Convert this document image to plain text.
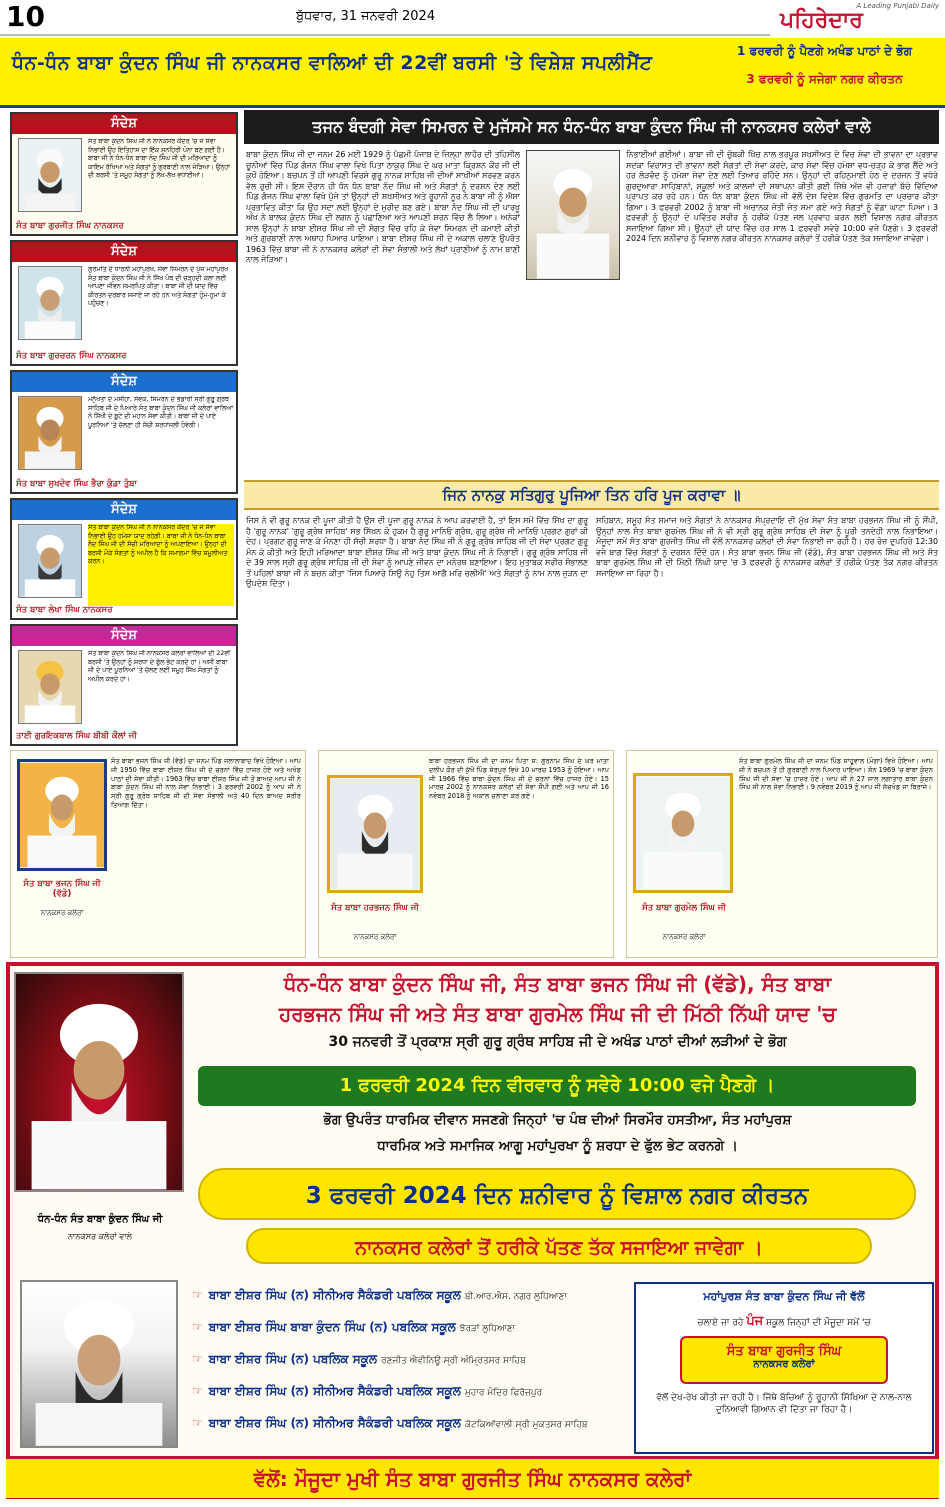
10	ਬੁੱਧਵਾਰ, 31 ਜਨਵਰੀ 2024
A Leading Punjabi Daily
ਪਹਿਰੇਦਾਰ
ਧੰਨ-ਧੰਨ ਬਾਬਾ ਕੁੰਦਨ ਸਿੰਘ ਜੀ ਨਾਨਕਸਰ ਵਾਲਿਆਂ ਦੀ 22ਵੀਂ ਬਰਸੀ 'ਤੇ ਵਿਸ਼ੇਸ਼ ਸਪਲੀਮੈਂਟ
1 ਫਰਵਰੀ ਨੂੰ ਪੈਣਗੇ ਅਖੰਡ ਪਾਠਾਂ ਦੇ ਭੋਗ
3 ਫਰਵਰੀ ਨੂੰ ਸਜੇਗਾ ਨਗਰ ਕੀਰਤਨ
ਸੰਦੇਸ਼
ਸੰਤ ਬਾਬਾ ਕੁੰਦਨ ਸਿੰਘ ਜੀ ਨੇ ਨਾਨਕਸਰ ਕੇਂਦਰ 'ਚ ਜੋ ਸੇਵਾ ਨਿਭਾਈ ਉਹ ਇਤਿਹਾਸ ਦਾ ਇੱਕ ਸੁਨਹਿਰੀ ਪੰਨਾ ਬਣ ਗਈ ਹੈ। ਬਾਬਾ ਜੀ ਨੇ ਧੰਨ-ਧੰਨ ਬਾਬਾ ਨੰਦ ਸਿੰਘ ਜੀ ਦੀ ਮਰਿਆਦਾ ਨੂੰ ਕਾਇਮ ਰੱਖਿਆ ਅਤੇ ਸੰਗਤਾਂ ਨੂੰ ਗੁਰਬਾਣੀ ਨਾਲ ਜੋੜਿਆ। ਉਨ੍ਹਾਂ ਦੀ ਬਰਸੀ 'ਤੇ ਸਮੂਹ ਸੰਗਤਾਂ ਨੂੰ ਲੱਖ-ਲੱਖ ਵਧਾਈਆਂ।
ਸੰਤ ਬਾਬਾ ਗੁਰਜੀਤ ਸਿੰਘ ਨਾਨਕਸਰ
ਸੰਦੇਸ਼
ਗੁਰਮਤਿ ਦੇ ਧਾਰਨੀ ਮਹਾਂਪੁਰਖ, ਸੇਵਾ ਸਿਮਰਨ ਦੇ ਪੁੰਜ ਮਹਾਂਪੁਰਖ ਸੰਤ ਬਾਬਾ ਕੁੰਦਨ ਸਿੰਘ ਜੀ ਨੇ ਸਿੱਖ ਪੰਥ ਦੀ ਚੜ੍ਹਦੀ ਕਲਾ ਲਈ ਆਪਣਾ ਜੀਵਨ ਸਮਰਪਿਤ ਕੀਤਾ। ਬਾਬਾ ਜੀ ਦੀ ਯਾਦ ਵਿੱਚ ਕੀਰਤਨ ਦਰਬਾਰ ਸਜਾਏ ਜਾ ਰਹੇ ਹਨ ਅਤੇ ਸੰਗਤਾਂ ਹੁੰਮ-ਹੁਮਾ ਕੇ ਪਹੁੰਚਣ।
ਸੰਤ ਬਾਬਾ ਗੁਰਚਰਨ ਸਿੰਘ ਨਾਨਕਸਰ
ਸੰਦੇਸ਼
ਮਨੁੱਖਤਾ ਦੇ ਮਸੀਹਾ, ਸੇਵਕ, ਸਿਮਰਨ ਦੇ ਭੰਡਾਰੀ ਸ੍ਰੀ ਗੁਰੂ ਗ੍ਰੰਥ ਸਾਹਿਬ ਜੀ ਦੇ ਪਿਆਰੇ ਸੰਤ ਬਾਬਾ ਕੁੰਦਨ ਸਿੰਘ ਜੀ ਕਲੇਰਾਂ ਵਾਲਿਆਂ ਨੇ ਸਿੱਖੀ ਦੇ ਬੂਟੇ ਦੀ ਮਹਾਨ ਸੇਵਾ ਕੀਤੀ। ਬਾਬਾ ਜੀ ਦੇ ਪਾਏ ਪੂਰਨਿਆਂ 'ਤੇ ਚੱਲਣਾ ਹੀ ਸੱਚੀ ਸ਼ਰਧਾਂਜਲੀ ਹੋਵੇਗੀ।
ਸੰਤ ਬਾਬਾ ਸੁਖਦੇਵ ਸਿੰਘ ਭੈਰਾ ਕੁੰਡਾ ਤੁੰਬਾ
ਸੰਦੇਸ਼
ਸੰਤ ਬਾਬਾ ਕੁੰਦਨ ਸਿੰਘ ਜੀ ਨੇ ਨਾਨਕਸਰ ਕੇਂਦਰ 'ਚ ਜੋ ਸੇਵਾ ਨਿਭਾਈ ਉਹ ਹਮੇਸ਼ਾ ਯਾਦ ਰਹੇਗੀ। ਬਾਬਾ ਜੀ ਨੇ ਧੰਨ-ਧੰਨ ਬਾਬਾ ਨੰਦ ਸਿੰਘ ਜੀ ਦੀ ਸੱਚੀ ਮਰਿਆਦਾ ਨੂੰ ਅਪਣਾਇਆ। ਉਨ੍ਹਾਂ ਦੀ ਬਰਸੀ ਮੌਕੇ ਸੰਗਤਾਂ ਨੂੰ ਅਪੀਲ ਹੈ ਕਿ ਸਮਾਗਮਾਂ ਵਿੱਚ ਸ਼ਮੂਲੀਅਤ ਕਰਨ।
ਸੰਤ ਬਾਬਾ ਲੇਖਾ ਸਿੰਘ ਨਾਨਕਸਰ
ਸੰਦੇਸ਼
ਸੰਤ ਬਾਬਾ ਕੁੰਦਨ ਸਿੰਘ ਜੀ ਨਾਨਕਸਰ ਕਲੇਰਾਂ ਵਾਲਿਆਂ ਦੀ 22ਵੀਂ ਬਰਸੀ 'ਤੇ ਉਨ੍ਹਾਂ ਨੂੰ ਸ਼ਰਧਾ ਦੇ ਫੁੱਲ ਭੇਟ ਕਰਦੇ ਹਾਂ। ਅਸੀਂ ਬਾਬਾ ਜੀ ਦੇ ਪਾਏ ਪੂਰਨਿਆਂ 'ਤੇ ਚੱਲਣ ਲਈ ਸਮੂਹ ਸਿੱਖ ਸੰਗਤਾਂ ਨੂੰ ਅਪੀਲ ਕਰਦੇ ਹਾਂ।
ਤਾਈ ਗੁਰਇਕਬਾਲ ਸਿੰਘ ਬੀਬੀ ਕੌਲਾਂ ਜੀ
ਤਜਨ ਬੰਦਗੀ ਸੇਵਾ ਸਿਮਰਨ ਦੇ ਮੁਜੱਸਮੇ ਸਨ ਧੰਨ-ਧੰਨ ਬਾਬਾ ਕੁੰਦਨ ਸਿੰਘ ਜੀ ਨਾਨਕਸਰ ਕਲੇਰਾਂ ਵਾਲੇ
ਬਾਬਾ ਕੁੰਦਨ ਸਿੰਘ ਜੀ ਦਾ ਜਨਮ 26 ਮਈ 1929 ਨੂੰ ਪੱਛਮੀ ਪੰਜਾਬ ਦੇ ਜ਼ਿਲ੍ਹਾ ਲਾਹੌਰ ਦੀ ਤਹਿਸੀਲ ਚੂਨੀਆਂ ਵਿੱਚ ਪਿੰਡ ਗੰਜਨ ਸਿੰਘ ਵਾਲਾ ਵਿਖੇ ਪਿਤਾ ਠਾਕੁਰ ਸਿੰਘ ਦੇ ਘਰ ਮਾਤਾ ਕ੍ਰਿਸ਼ਨ ਕੌਰ ਜੀ ਦੀ ਕੁਖੋਂ ਹੋਇਆ। ਬਚਪਨ ਤੋਂ ਹੀ ਆਪਣੀ ਵਿਰਸੇ ਗੁਰੂ ਨਾਨਕ ਸਾਹਿਬ ਜੀ ਦੀਆਂ ਸਾਖੀਆਂ ਸਰਵਣ ਕਰਨ ਵੱਲ ਰੁਚੀ ਸੀ। ਇਸ ਦੌਰਾਨ ਹੀ ਧੰਨ ਧੰਨ ਬਾਬਾ ਨੰਦ ਸਿੰਘ ਜੀ ਅਤੇ ਸੰਗਤਾਂ ਨੂੰ ਦਰਸ਼ਨ ਦੇਣ ਲਈ ਪਿੰਡ ਗੰਜਨ ਸਿੰਘ ਵਾਲਾ ਵਿਖੇ ਪੁੱਜੇ ਤਾਂ ਉਨ੍ਹਾਂ ਦੀ ਸ਼ਖ਼ਸੀਅਤ ਅਤੇ ਰੂਹਾਨੀ ਨੂਰ ਨੇ ਬਾਬਾ ਜੀ ਨੂੰ ਐਸਾ ਪ੍ਰਭਾਵਿਤ ਕੀਤਾ ਕਿ ਉਹ ਸਦਾ ਲਈ ਉਨ੍ਹਾਂ ਦੇ ਮੁਰੀਦ ਬਣ ਗਏ। ਬਾਬਾ ਨੰਦ ਸਿੰਘ ਜੀ ਦੀ ਪਾਰਖੂ ਅੱਖ ਨੇ ਬਾਲਕ ਕੁੰਦਨ ਸਿੰਘ ਦੀ ਲਗਨ ਨੂੰ ਪਛਾਣਿਆ ਅਤੇ ਆਪਣੀ ਸ਼ਰਨ ਵਿੱਚ ਲੈ ਲਿਆ। ਅਨੇਕਾਂ ਸਾਲ ਉਨ੍ਹਾਂ ਨੇ ਬਾਬਾ ਈਸ਼ਰ ਸਿੰਘ ਜੀ ਦੀ ਸੰਗਤ ਵਿੱਚ ਰਹਿ ਕੇ ਸੇਵਾ ਸਿਮਰਨ ਦੀ ਕਮਾਈ ਕੀਤੀ ਅਤੇ ਗੁਰਬਾਣੀ ਨਾਲ ਅਥਾਹ ਪਿਆਰ ਪਾਇਆ। ਬਾਬਾ ਈਸ਼ਰ ਸਿੰਘ ਜੀ ਦੇ ਅਕਾਲ ਚਲਾਣੇ ਉਪਰੰਤ 1963 ਵਿੱਚ ਬਾਬਾ ਜੀ ਨੇ ਨਾਨਕਸਰ ਕਲੇਰਾਂ ਦੀ ਸੇਵਾ ਸੰਭਾਲੀ ਅਤੇ ਲੱਖਾਂ ਪ੍ਰਾਣੀਆਂ ਨੂੰ ਨਾਮ ਬਾਣੀ ਨਾਲ ਜੋੜਿਆ।
ਨਿਭਾਈਆਂ ਗਈਆਂ। ਬਾਬਾ ਜੀ ਦੀ ਚੁੰਬਕੀ ਖਿੱਚ ਨਾਲ ਭਰਪੂਰ ਸ਼ਖ਼ਸੀਅਤ ਦੇ ਵਿਚ ਸੇਵਾ ਦੀ ਭਾਵਨਾ ਦਾ ਪ੍ਰਭਾਵ ਸਦਕਾ ਵਿਰਾਸਤ ਦੀ ਭਾਵਨਾ ਲਈ ਸੰਗਤਾਂ ਦੀ ਸੇਵਾ ਕਰਦੇ, ਕਾਰ ਸੇਵਾ ਵਿੱਚ ਹਮੇਸ਼ਾ ਵਧ-ਚੜ੍ਹ ਕੇ ਭਾਗ ਲੈਂਦੇ ਅਤੇ ਹਰ ਲੋੜਵੰਦ ਨੂੰ ਹਮੇਸ਼ਾ ਸੇਵਾ ਦੇਣ ਲਈ ਤਿਆਰ ਰਹਿੰਦੇ ਸਨ। ਉਨ੍ਹਾਂ ਦੀ ਰਹਿਨੁਮਾਈ ਹੇਠ ਦੇ ਦਰਜਨ ਤੋਂ ਵਧੇਰੇ ਗੁਰਦੁਆਰਾ ਸਾਹਿਬਾਨਾਂ, ਸਕੂਲਾਂ ਅਤੇ ਕਾਲਜਾਂ ਦੀ ਸਥਾਪਨਾ ਕੀਤੀ ਗਈ ਜਿੱਥੇ ਅੱਜ ਵੀ ਹਜ਼ਾਰਾਂ ਬੱਚੇ ਵਿੱਦਿਆ ਪ੍ਰਾਪਤ ਕਰ ਰਹੇ ਹਨ। ਧੰਨ ਧੰਨ ਬਾਬਾ ਕੁੰਦਨ ਸਿੰਘ ਜੀ ਵੱਲੋਂ ਦੇਸ਼ ਵਿਦੇਸ਼ ਵਿੱਚ ਗੁਰਮਤਿ ਦਾ ਪ੍ਰਚਾਰ ਕੀਤਾ ਗਿਆ। 3 ਫਰਵਰੀ 2002 ਨੂੰ ਬਾਬਾ ਜੀ ਅਚਾਨਕ ਜੋਤੀ ਜੋਤ ਸਮਾ ਗਏ ਅਤੇ ਸੰਗਤਾਂ ਨੂੰ ਵੱਡਾ ਘਾਟਾ ਪਿਆ। 3 ਫਰਵਰੀ ਨੂੰ ਉਨ੍ਹਾਂ ਦੇ ਪਵਿੱਤਰ ਸਰੀਰ ਨੂੰ ਹਰੀਕੇ ਪੱਤਣ ਜਲ ਪ੍ਰਵਾਹ ਕਰਨ ਲਈ ਵਿਸ਼ਾਲ ਨਗਰ ਕੀਰਤਨ ਸਜਾਇਆ ਗਿਆ ਸੀ। ਉਨ੍ਹਾਂ ਦੀ ਯਾਦ ਵਿੱਚ ਹਰ ਸਾਲ 1 ਫਰਵਰੀ ਸਵੇਰੇ 10:00 ਵਜੇ ਪੈਣਗੇ। 3 ਫਰਵਰੀ 2024 ਦਿਨ ਸ਼ਨੀਵਾਰ ਨੂੰ ਵਿਸ਼ਾਲ ਨਗਰ ਕੀਰਤਨ ਨਾਨਕਸਰ ਕਲੇਰਾਂ ਤੋਂ ਹਰੀਕੇ ਪੱਤਣ ਤੱਕ ਸਜਾਇਆ ਜਾਵੇਗਾ।
ਜਿਨ ਨਾਨਕੁ ਸਤਿਗੁਰੁ ਪੂਜਿਆ ਤਿਨ ਹਰਿ ਪੂਜ ਕਰਾਵਾ ॥
ਜਿਸ ਨੇ ਵੀ ਗੁਰੂ ਨਾਨਕ ਦੀ ਪੂਜਾ ਕੀਤੀ ਹੈ ਉਸ ਦੀ ਪੂਜਾ ਗੁਰੂ ਨਾਨਕ ਨੇ ਆਪ ਕਰਵਾਈ ਹੈ, ਤਾਂ ਇਸ ਸਮੇਂ ਵਿੱਚ ਸਿੱਖ ਦਾ ਗੁਰੂ ਹੈ 'ਗੁਰੂ ਨਾਨਕ' 'ਗੁਰੂ ਗ੍ਰੰਥ ਸਾਹਿਬ' ਸਭ ਸਿੱਖਨ ਕੋ ਹੁਕਮ ਹੈ ਗੁਰੂ ਮਾਨਿਓ ਗ੍ਰੰਥ, ਗੁਰੂ ਗ੍ਰੰਥ ਜੀ ਮਾਨਿਓ ਪ੍ਰਗਟ ਗੁਰਾਂ ਕੀ ਦੇਹ। ਪ੍ਰਗਟ ਗੁਰੂ ਜਾਣ ਕੇ ਮੰਨਣਾ ਹੀ ਸੱਚੀ ਸ਼ਰਧਾ ਹੈ। ਬਾਬਾ ਨੰਦ ਸਿੰਘ ਜੀ ਨੇ ਗੁਰੂ ਗ੍ਰੰਥ ਸਾਹਿਬ ਜੀ ਦੀ ਸੇਵਾ ਪ੍ਰਗਟ ਗੁਰੂ ਮੰਨ ਕੇ ਕੀਤੀ ਅਤੇ ਇਹੀ ਮਰਿਆਦਾ ਬਾਬਾ ਈਸ਼ਰ ਸਿੰਘ ਜੀ ਅਤੇ ਬਾਬਾ ਕੁੰਦਨ ਸਿੰਘ ਜੀ ਨੇ ਨਿਭਾਈ। ਗੁਰੂ ਗ੍ਰੰਥ ਸਾਹਿਬ ਜੀ ਦੇ 39 ਸਾਲ ਸ੍ਰੀ ਗੁਰੂ ਗ੍ਰੰਥ ਸਾਹਿਬ ਜੀ ਦੀ ਸੇਵਾ ਨੂੰ ਆਪਣੇ ਜੀਵਨ ਦਾ ਮਨੋਰਥ ਬਣਾਇਆ। ਇਹ ਮੁਤਾਬਕ ਸਰੀਰ ਸੰਭਾਲਣ ਤੋਂ ਪਹਿਲਾਂ ਬਾਬਾ ਜੀ ਨੇ ਬਚਨ ਕੀਤਾ 'ਜਿਸ ਪਿਆਰੇ ਸਿਉ ਨੇਹੁ ਤਿਸ ਆਗੈ ਮਰਿ ਚਲੀਐ' ਅਤੇ ਸੰਗਤਾਂ ਨੂੰ ਨਾਮ ਨਾਲ ਜੁੜਨ ਦਾ ਉਪਦੇਸ਼ ਦਿੱਤਾ।
ਸਹਿਬਾਨ, ਸਮੂਹ ਸੰਤ ਸਮਾਜ ਅਤੇ ਸੰਗਤਾਂ ਨੇ ਨਾਨਕਸਰ ਸੰਪ੍ਰਦਾਇ ਦੀ ਮੁੱਖ ਸੇਵਾ ਸੰਤ ਬਾਬਾ ਹਰਭਜਨ ਸਿੰਘ ਜੀ ਨੂੰ ਸੌਂਪੀ, ਉਨ੍ਹਾਂ ਨਾਲ ਸੰਤ ਬਾਬਾ ਗੁਰਮੇਲ ਸਿੰਘ ਜੀ ਨੇ ਵੀ ਸ੍ਰੀ ਗੁਰੂ ਗ੍ਰੰਥ ਸਾਹਿਬ ਦੀ ਸੇਵਾ ਨੂੰ ਪੂਰੀ ਤਨਦੇਹੀ ਨਾਲ ਨਿਭਾਇਆ। ਮੌਜੂਦਾ ਸਮੇਂ ਸੰਤ ਬਾਬਾ ਗੁਰਜੀਤ ਸਿੰਘ ਜੀ ਵੱਲੋਂ ਨਾਨਕਸਰ ਕਲੇਰਾਂ ਦੀ ਸੇਵਾ ਨਿਭਾਈ ਜਾ ਰਹੀ ਹੈ। ਹਰ ਰੋਜ਼ ਦੁਪਹਿਰੇ 12:30 ਵਜੇ ਬਾਗ ਵਿੱਚ ਸੰਗਤਾਂ ਨੂੰ ਦਰਸ਼ਨ ਦਿੰਦੇ ਹਨ। ਸੰਤ ਬਾਬਾ ਭਜਨ ਸਿੰਘ ਜੀ (ਵੱਡੇ), ਸੰਤ ਬਾਬਾ ਹਰਭਜਨ ਸਿੰਘ ਜੀ ਅਤੇ ਸੰਤ ਬਾਬਾ ਗੁਰਮੇਲ ਸਿੰਘ ਜੀ ਦੀ ਮਿੱਠੀ ਨਿੱਘੀ ਯਾਦ 'ਚ 3 ਫਰਵਰੀ ਨੂੰ ਨਾਨਕਸਰ ਕਲੇਰਾਂ ਤੋਂ ਹਰੀਕੇ ਪੱਤਣ ਤੱਕ ਨਗਰ ਕੀਰਤਨ ਸਜਾਇਆ ਜਾ ਰਿਹਾ ਹੈ।
ਸੰਤ ਬਾਬਾ ਭਜਨ ਸਿੰਘ ਜੀ (ਵੱਡੇ) ਦਾ ਜਨਮ ਪਿੰਡ ਜਲਾਲਾਬਾਦ ਵਿਖੇ ਹੋਇਆ। ਆਪ ਜੀ 1950 ਵਿੱਚ ਬਾਬਾ ਈਸ਼ਰ ਸਿੰਘ ਜੀ ਦੇ ਚਰਨਾਂ ਵਿੱਚ ਹਾਜ਼ਰ ਹੋਏ ਅਤੇ ਅਖੰਡ ਪਾਠਾਂ ਦੀ ਸੇਵਾ ਕੀਤੀ। 1963 ਵਿੱਚ ਬਾਬਾ ਈਸ਼ਰ ਸਿੰਘ ਜੀ ਤੋਂ ਬਾਅਦ ਆਪ ਜੀ ਨੇ ਬਾਬਾ ਕੁੰਦਨ ਸਿੰਘ ਜੀ ਨਾਲ ਸੇਵਾ ਨਿਭਾਈ। 3 ਫਰਵਰੀ 2002 ਨੂੰ ਆਪ ਜੀ ਨੇ ਸ੍ਰੀ ਗੁਰੂ ਗ੍ਰੰਥ ਸਾਹਿਬ ਜੀ ਦੀ ਸੇਵਾ ਸੰਭਾਲੀ ਅਤੇ 40 ਦਿਨ ਬਾਅਦ ਸਰੀਰ ਤਿਆਗ ਦਿੱਤਾ।
ਸੰਤ ਬਾਬਾ ਭਜਨ ਸਿੰਘ ਜੀ (ਵੱਡੇ)
ਨਾਨਕਸਰ ਕਲੇਰਾਂ
ਬਾਬਾ ਹਰਭਜਨ ਸਿੰਘ ਜੀ ਦਾ ਜਨਮ ਪਿਤਾ ਸ: ਗੁਰਨਾਮ ਸਿੰਘ ਦੇ ਘਰ ਮਾਤਾ ਦਲੀਪ ਕੌਰ ਦੀ ਕੁੱਖੋਂ ਪਿੰਡ ਸ਼ੇਰਪੁਰ ਵਿਖੇ 10 ਮਾਰਚ 1953 ਨੂੰ ਹੋਇਆ। ਆਪ ਜੀ 1966 ਵਿੱਚ ਬਾਬਾ ਕੁੰਦਨ ਸਿੰਘ ਜੀ ਦੇ ਚਰਨਾਂ ਵਿੱਚ ਹਾਜ਼ਰ ਹੋਏ। 15 ਮਾਰਚ 2002 ਨੂੰ ਨਾਨਕਸਰ ਕਲੇਰਾਂ ਦੀ ਸੇਵਾ ਸੌਂਪੀ ਗਈ ਅਤੇ ਆਪ ਜੀ 16 ਨਵੰਬਰ 2018 ਨੂੰ ਅਕਾਲ ਚਲਾਣਾ ਕਰ ਗਏ।
ਸੰਤ ਬਾਬਾ ਹਰਭਜਨ ਸਿੰਘ ਜੀ
ਨਾਨਕਸਰ ਕਲੇਰਾਂ
ਸੰਤ ਬਾਬਾ ਗੁਰਮੇਲ ਸਿੰਘ ਜੀ ਦਾ ਜਨਮ ਪਿੰਡ ਸਾਹੂਵਾਲ (ਮੋਗਾ) ਵਿਖੇ ਹੋਇਆ। ਆਪ ਜੀ ਨੇ ਬਚਪਨ ਤੋਂ ਹੀ ਗੁਰਬਾਣੀ ਨਾਲ ਪਿਆਰ ਪਾਇਆ। ਸੰਨ 1969 'ਚ ਬਾਬਾ ਕੁੰਦਨ ਸਿੰਘ ਜੀ ਦੀ ਸੇਵਾ 'ਚ ਹਾਜ਼ਰ ਹੋਏ। ਆਪ ਜੀ ਨੇ 27 ਸਾਲ ਲਗਾਤਾਰ ਬਾਬਾ ਕੁੰਦਨ ਸਿੰਘ ਜੀ ਨਾਲ ਸੇਵਾ ਨਿਭਾਈ। 9 ਨਵੰਬਰ 2019 ਨੂੰ ਆਪ ਜੀ ਸੱਚਖੰਡ ਜਾ ਬਿਰਾਜੇ।
ਸੰਤ ਬਾਬਾ ਗੁਰਮੇਲ ਸਿੰਘ ਜੀ
ਨਾਨਕਸਰ ਕਲੇਰਾਂ
ਧੰਨ-ਧੰਨ ਸੰਤ ਬਾਬਾ ਕੁੰਦਨ ਸਿੰਘ ਜੀ
ਨਾਨਕਸਰ ਕਲੇਰਾਂ ਵਾਲੇ
ਧੰਨ-ਧੰਨ ਬਾਬਾ ਕੁੰਦਨ ਸਿੰਘ ਜੀ, ਸੰਤ ਬਾਬਾ ਭਜਨ ਸਿੰਘ ਜੀ (ਵੱਡੇ), ਸੰਤ ਬਾਬਾ
ਹਰਭਜਨ ਸਿੰਘ ਜੀ ਅਤੇ ਸੰਤ ਬਾਬਾ ਗੁਰਮੇਲ ਸਿੰਘ ਜੀ ਦੀ ਮਿੱਠੀ ਨਿੱਘੀ ਯਾਦ 'ਚ
30 ਜਨਵਰੀ ਤੋਂ ਪ੍ਰਕਾਸ਼ ਸ੍ਰੀ ਗੁਰੂ ਗ੍ਰੰਥ ਸਾਹਿਬ ਜੀ ਦੇ ਅਖੰਡ ਪਾਠਾਂ ਦੀਆਂ ਲੜੀਆਂ ਦੇ ਭੋਗ
1 ਫਰਵਰੀ 2024 ਦਿਨ ਵੀਰਵਾਰ ਨੂੰ ਸਵੇਰੇ 10:00 ਵਜੇ ਪੈਣਗੇ ।
ਭੋਗ ਉਪਰੰਤ ਧਾਰਮਿਕ ਦੀਵਾਨ ਸਜਣਗੇ ਜਿਨ੍ਹਾਂ 'ਚ ਪੰਥ ਦੀਆਂ ਸਿਰਮੌਰ ਹਸਤੀਆ, ਸੰਤ ਮਹਾਂਪੁਰਸ਼
ਧਾਰਮਿਕ ਅਤੇ ਸਮਾਜਿਕ ਆਗੂ ਮਹਾਂਪੁਰਖਾ ਨੂੰ ਸ਼ਰਧਾ ਦੇ ਫੁੱਲ ਭੇਟ ਕਰਨਗੇ ।
3 ਫਰਵਰੀ 2024 ਦਿਨ ਸ਼ਨੀਵਾਰ ਨੂੰ ਵਿਸ਼ਾਲ ਨਗਰ ਕੀਰਤਨ
ਨਾਨਕਸਰ ਕਲੇਰਾਂ ਤੋਂ ਹਰੀਕੇ ਪੱਤਣ ਤੱਕ ਸਜਾਇਆ ਜਾਵੇਗਾ ।
☞ ਬਾਬਾ ਈਸ਼ਰ ਸਿੰਘ (ਨ) ਸੀਨੀਅਰ ਸੈਕੰਡਰੀ ਪਬਲਿਕ ਸਕੂਲ ਬੀ.ਆਰ.ਐਸ. ਨਗਰ ਲੁਧਿਆਣਾ
☞ ਬਾਬਾ ਈਸ਼ਰ ਸਿੰਘ ਬਾਬਾ ਕੁੰਦਨ ਸਿੰਘ (ਨ) ਪਬਲਿਕ ਸਕੂਲ ਝੋਰੜਾਂ ਲੁਧਿਆਣਾ
☞ ਬਾਬਾ ਈਸ਼ਰ ਸਿੰਘ (ਨ) ਪਬਲਿਕ ਸਕੂਲ ਰਣਜੀਤ ਐਵੀਨਿਊ ਸ੍ਰੀ ਅੰਮ੍ਰਿਤਸਰ ਸਾਹਿਬ
☞ ਬਾਬਾ ਈਸ਼ਰ ਸਿੰਘ (ਨ) ਸੀਨੀਅਰ ਸੈਕੰਡਰੀ ਪਬਲਿਕ ਸਕੂਲ ਮੁਹਾਰ ਮੰਦਿਰ ਫਿਰੋਜ਼ਪੁਰ
☞ ਬਾਬਾ ਈਸ਼ਰ ਸਿੰਘ (ਨ) ਸੀਨੀਅਰ ਸੈਕੰਡਰੀ ਪਬਲਿਕ ਸਕੂਲ ਕੋਟਕਿਆਂਵਾਲੀ ਸ੍ਰੀ ਮੁਕਤਸਰ ਸਾਹਿਬ
ਮਹਾਂਪੁਰਸ਼ ਸੰਤ ਬਾਬਾ ਕੁੰਦਨ ਸਿੰਘ ਜੀ ਵੱਲੋਂ
ਚਲਾਏ ਜਾ ਰਹੇ ਪੰਜ ਸਕੂਲ ਜਿਨ੍ਹਾਂ ਦੀ ਮੌਜੂਦਾ ਸਮੇਂ 'ਚ
ਸੰਤ ਬਾਬਾ ਗੁਰਜੀਤ ਸਿੰਘ
ਨਾਨਕਸਰ ਕਲੇਰਾਂ
ਵੱਲੋਂ ਦੇਖ-ਰੇਖ ਕੀਤੀ ਜਾ ਰਹੀ ਹੈ। ਜਿੱਥੇ ਬੱਚਿਆਂ ਨੂੰ ਰੂਹਾਨੀ ਸਿੱਖਿਆ ਦੇ ਨਾਲ-ਨਾਲ ਦੁਨਿਆਵੀ ਗਿਆਨ ਵੀ ਦਿੱਤਾ ਜਾ ਰਿਹਾ ਹੈ।
ਵੱਲੋਂ: ਮੌਜੂਦਾ ਮੁਖੀ ਸੰਤ ਬਾਬਾ ਗੁਰਜੀਤ ਸਿੰਘ ਨਾਨਕਸਰ ਕਲੇਰਾਂ
